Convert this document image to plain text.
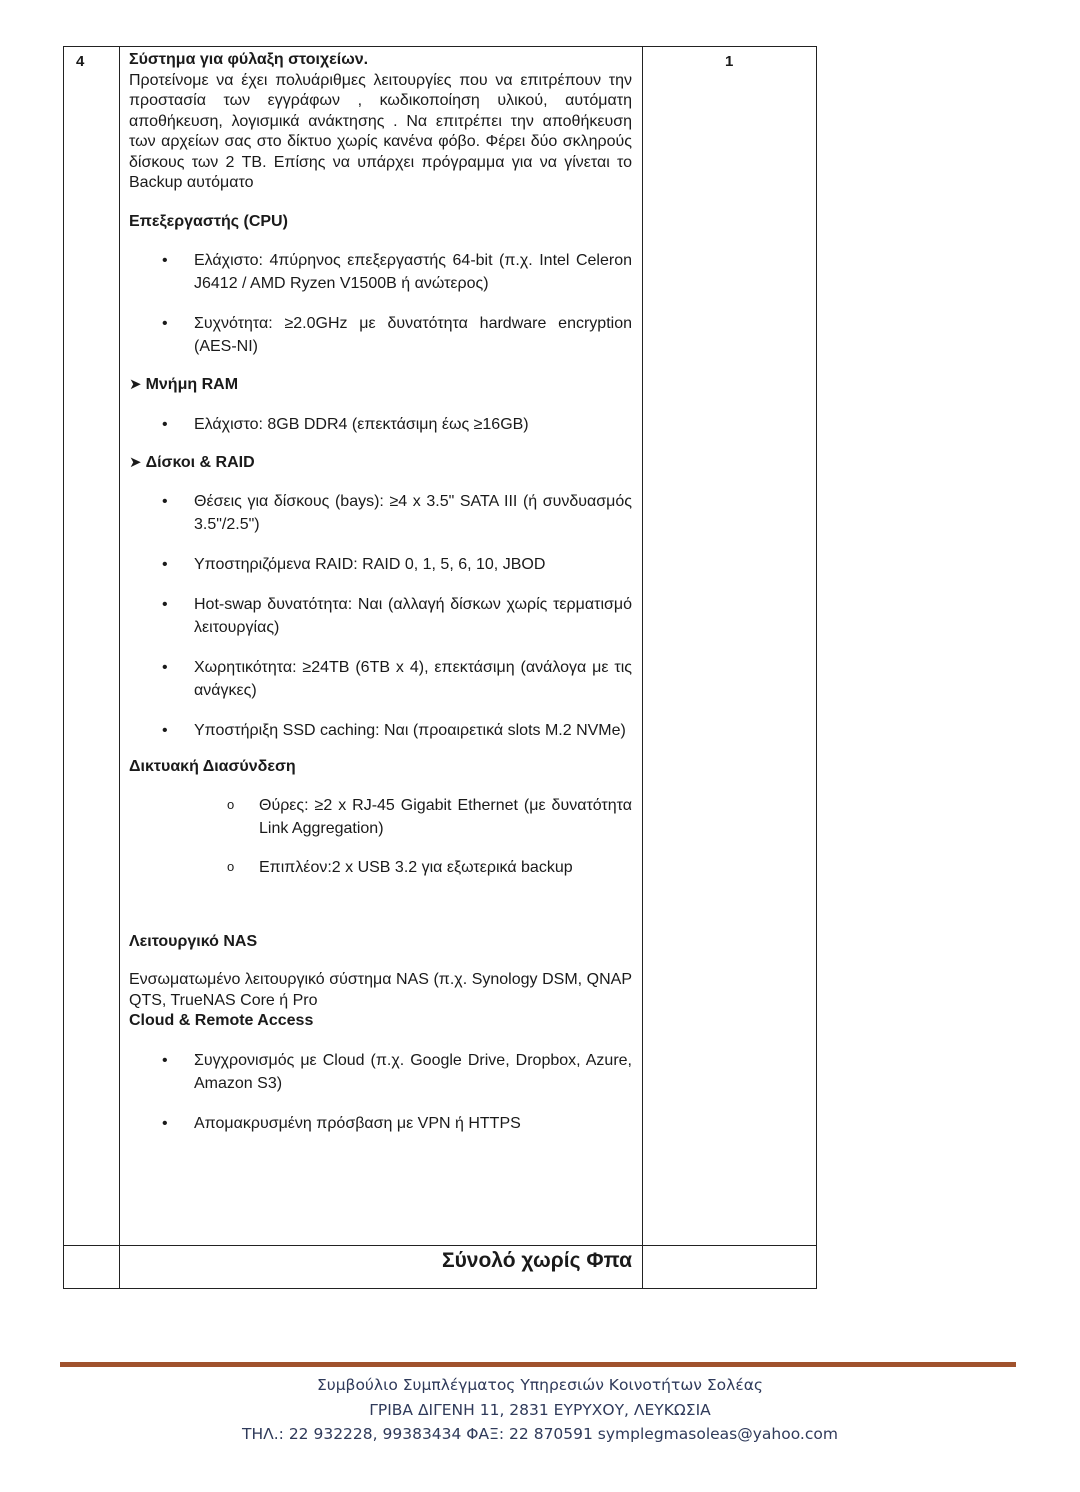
4	1
Σύνολό χωρίς Φπα

Σύστημα για φύλαξη στοιχείων.

Προτείνομε να έχει πολυάριθμες λειτουργίες που να επιτρέπουν την προστασία των εγγράφων , κωδικοποίηση υλικού, αυτόματη αποθήκευση, λογισμικά ανάκτησης . Να επιτρέπει την αποθήκευση των αρχείων σας στο δίκτυο χωρίς κανένα φόβο. Φέρει δύο σκληρούς δίσκους των 2 TB. Επίσης να υπάρχει πρόγραμμα για να γίνεται το Backup αυτόματο

Επεξεργαστής (CPU)

• Ελάχιστο: 4πύρηνος επεξεργαστής 64-bit (π.χ. Intel Celeron J6412 / AMD Ryzen V1500B ή ανώτερος)
• Συχνότητα: ≥2.0GHz με δυνατότητα hardware encryption (AES-NI)

➤ Μνήμη RAM

• Ελάχιστο: 8GB DDR4 (επεκτάσιμη έως ≥16GB)

➤ Δίσκοι & RAID

• Θέσεις για δίσκους (bays): ≥4 x 3.5" SATA III (ή συνδυασμός 3.5"/2.5")
• Υποστηριζόμενα RAID: RAID 0, 1, 5, 6, 10, JBOD
• Hot-swap δυνατότητα: Ναι (αλλαγή δίσκων χωρίς τερματισμό λειτουργίας)
• Χωρητικότητα: ≥24TB (6TB x 4), επεκτάσιμη (ανάλογα με τις ανάγκες)
• Υποστήριξη SSD caching: Ναι (προαιρετικά slots M.2 NVMe)

Δικτυακή Διασύνδεση

o Θύρες: ≥2 x RJ-45 Gigabit Ethernet (με δυνατότητα Link Aggregation)
o Επιπλέον:2 x USB 3.2 για εξωτερικά backup

Λειτουργικό NAS

Ενσωματωμένο λειτουργικό σύστημα NAS (π.χ. Synology DSM, QNAP QTS, TrueNAS Core ή Pro

Cloud & Remote Access

• Συγχρονισμός με Cloud (π.χ. Google Drive, Dropbox, Azure, Amazon S3)
• Απομακρυσμένη πρόσβαση με VPN ή HTTPS
Συμβούλιο Συμπλέγματος Υπηρεσιών Κοινοτήτων Σολέας
ΓΡΙΒΑ ΔΙΓΕΝΗ 11, 2831 ΕΥΡΥΧΟΥ, ΛΕΥΚΩΣΙΑ
ΤΗΛ.: 22 932228, 99383434 ΦΑΞ: 22 870591 symplegmasoleas@yahoo.com
